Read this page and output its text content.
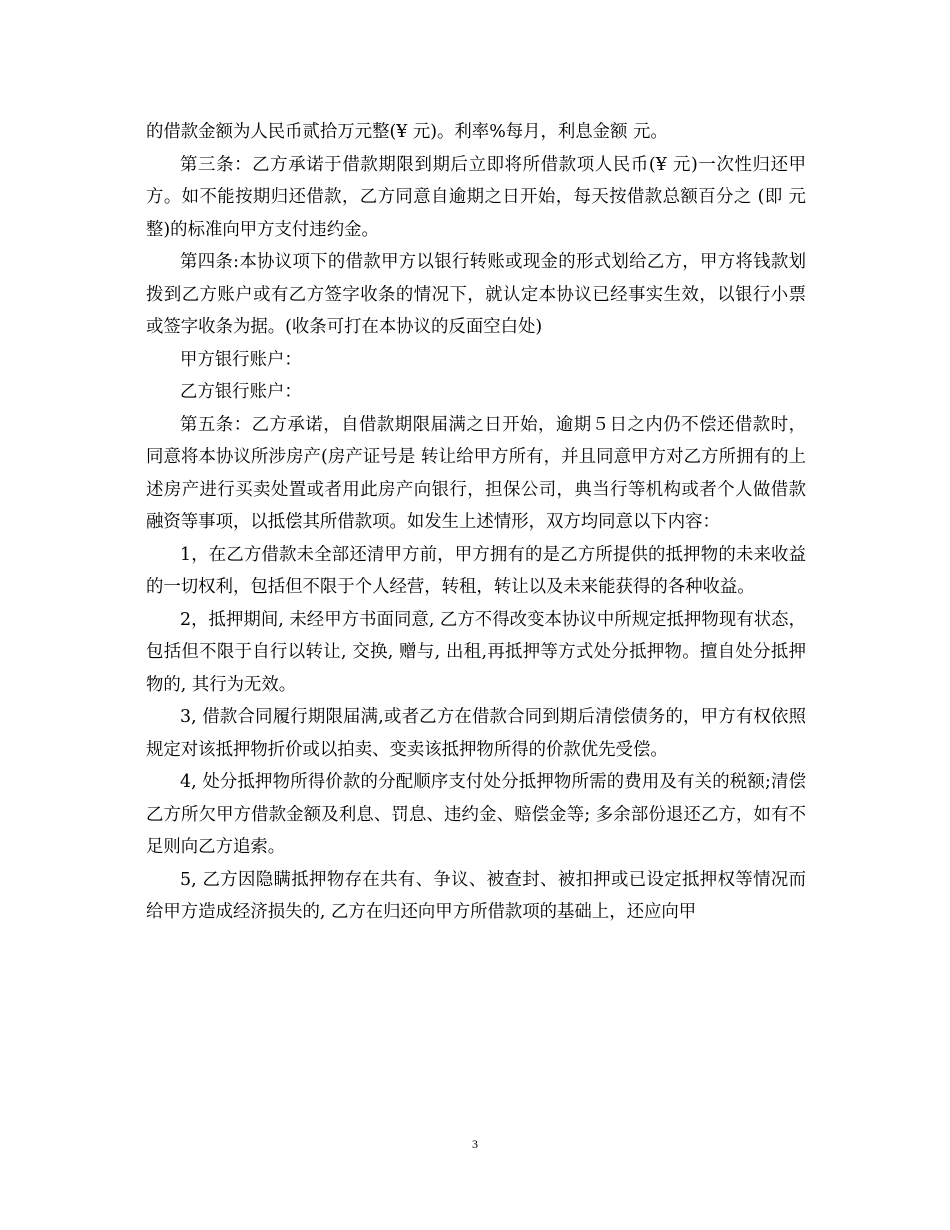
的借款金额为人民币贰拾万元整(¥ 元)。利率%每月，利息金额 元。

第三条：乙方承诺于借款期限到期后立即将所借款项人民币(¥ 元)一次性归还甲方。如不能按期归还借款，乙方同意自逾期之日开始，每天按借款总额百分之 (即 元整)的标准向甲方支付违约金。

第四条:本协议项下的借款甲方以银行转账或现金的形式划给乙方，甲方将钱款划拨到乙方账户或有乙方签字收条的情况下，就认定本协议已经事实生效，以银行小票或签字收条为据。(收条可打在本协议的反面空白处)

甲方银行账户：

乙方银行账户：

第五条：乙方承诺，自借款期限届满之日开始，逾期５日之内仍不偿还借款时，同意将本协议所涉房产(房产证号是 转让给甲方所有，并且同意甲方对乙方所拥有的上述房产进行买卖处置或者用此房产向银行，担保公司，典当行等机构或者个人做借款融资等事项，以抵偿其所借款项。如发生上述情形，双方均同意以下内容：

1，在乙方借款未全部还清甲方前，甲方拥有的是乙方所提供的抵押物的未来收益的一切权利，包括但不限于个人经营，转租，转让以及未来能获得的各种收益。

2，抵押期间, 未经甲方书面同意, 乙方不得改变本协议中所规定抵押物现有状态，包括但不限于自行以转让, 交换, 赠与, 出租,再抵押等方式处分抵押物。擅自处分抵押物的, 其行为无效。

3, 借款合同履行期限届满,或者乙方在借款合同到期后清偿债务的，甲方有权依照规定对该抵押物折价或以拍卖、变卖该抵押物所得的价款优先受偿。

4, 处分抵押物所得价款的分配顺序支付处分抵押物所需的费用及有关的税额;清偿乙方所欠甲方借款金额及利息、罚息、违约金、赔偿金等; 多余部份退还乙方，如有不足则向乙方追索。

5, 乙方因隐瞒抵押物存在共有、争议、被查封、被扣押或已设定抵押权等情况而给甲方造成经济损失的, 乙方在归还向甲方所借款项的基础上，还应向甲

3
